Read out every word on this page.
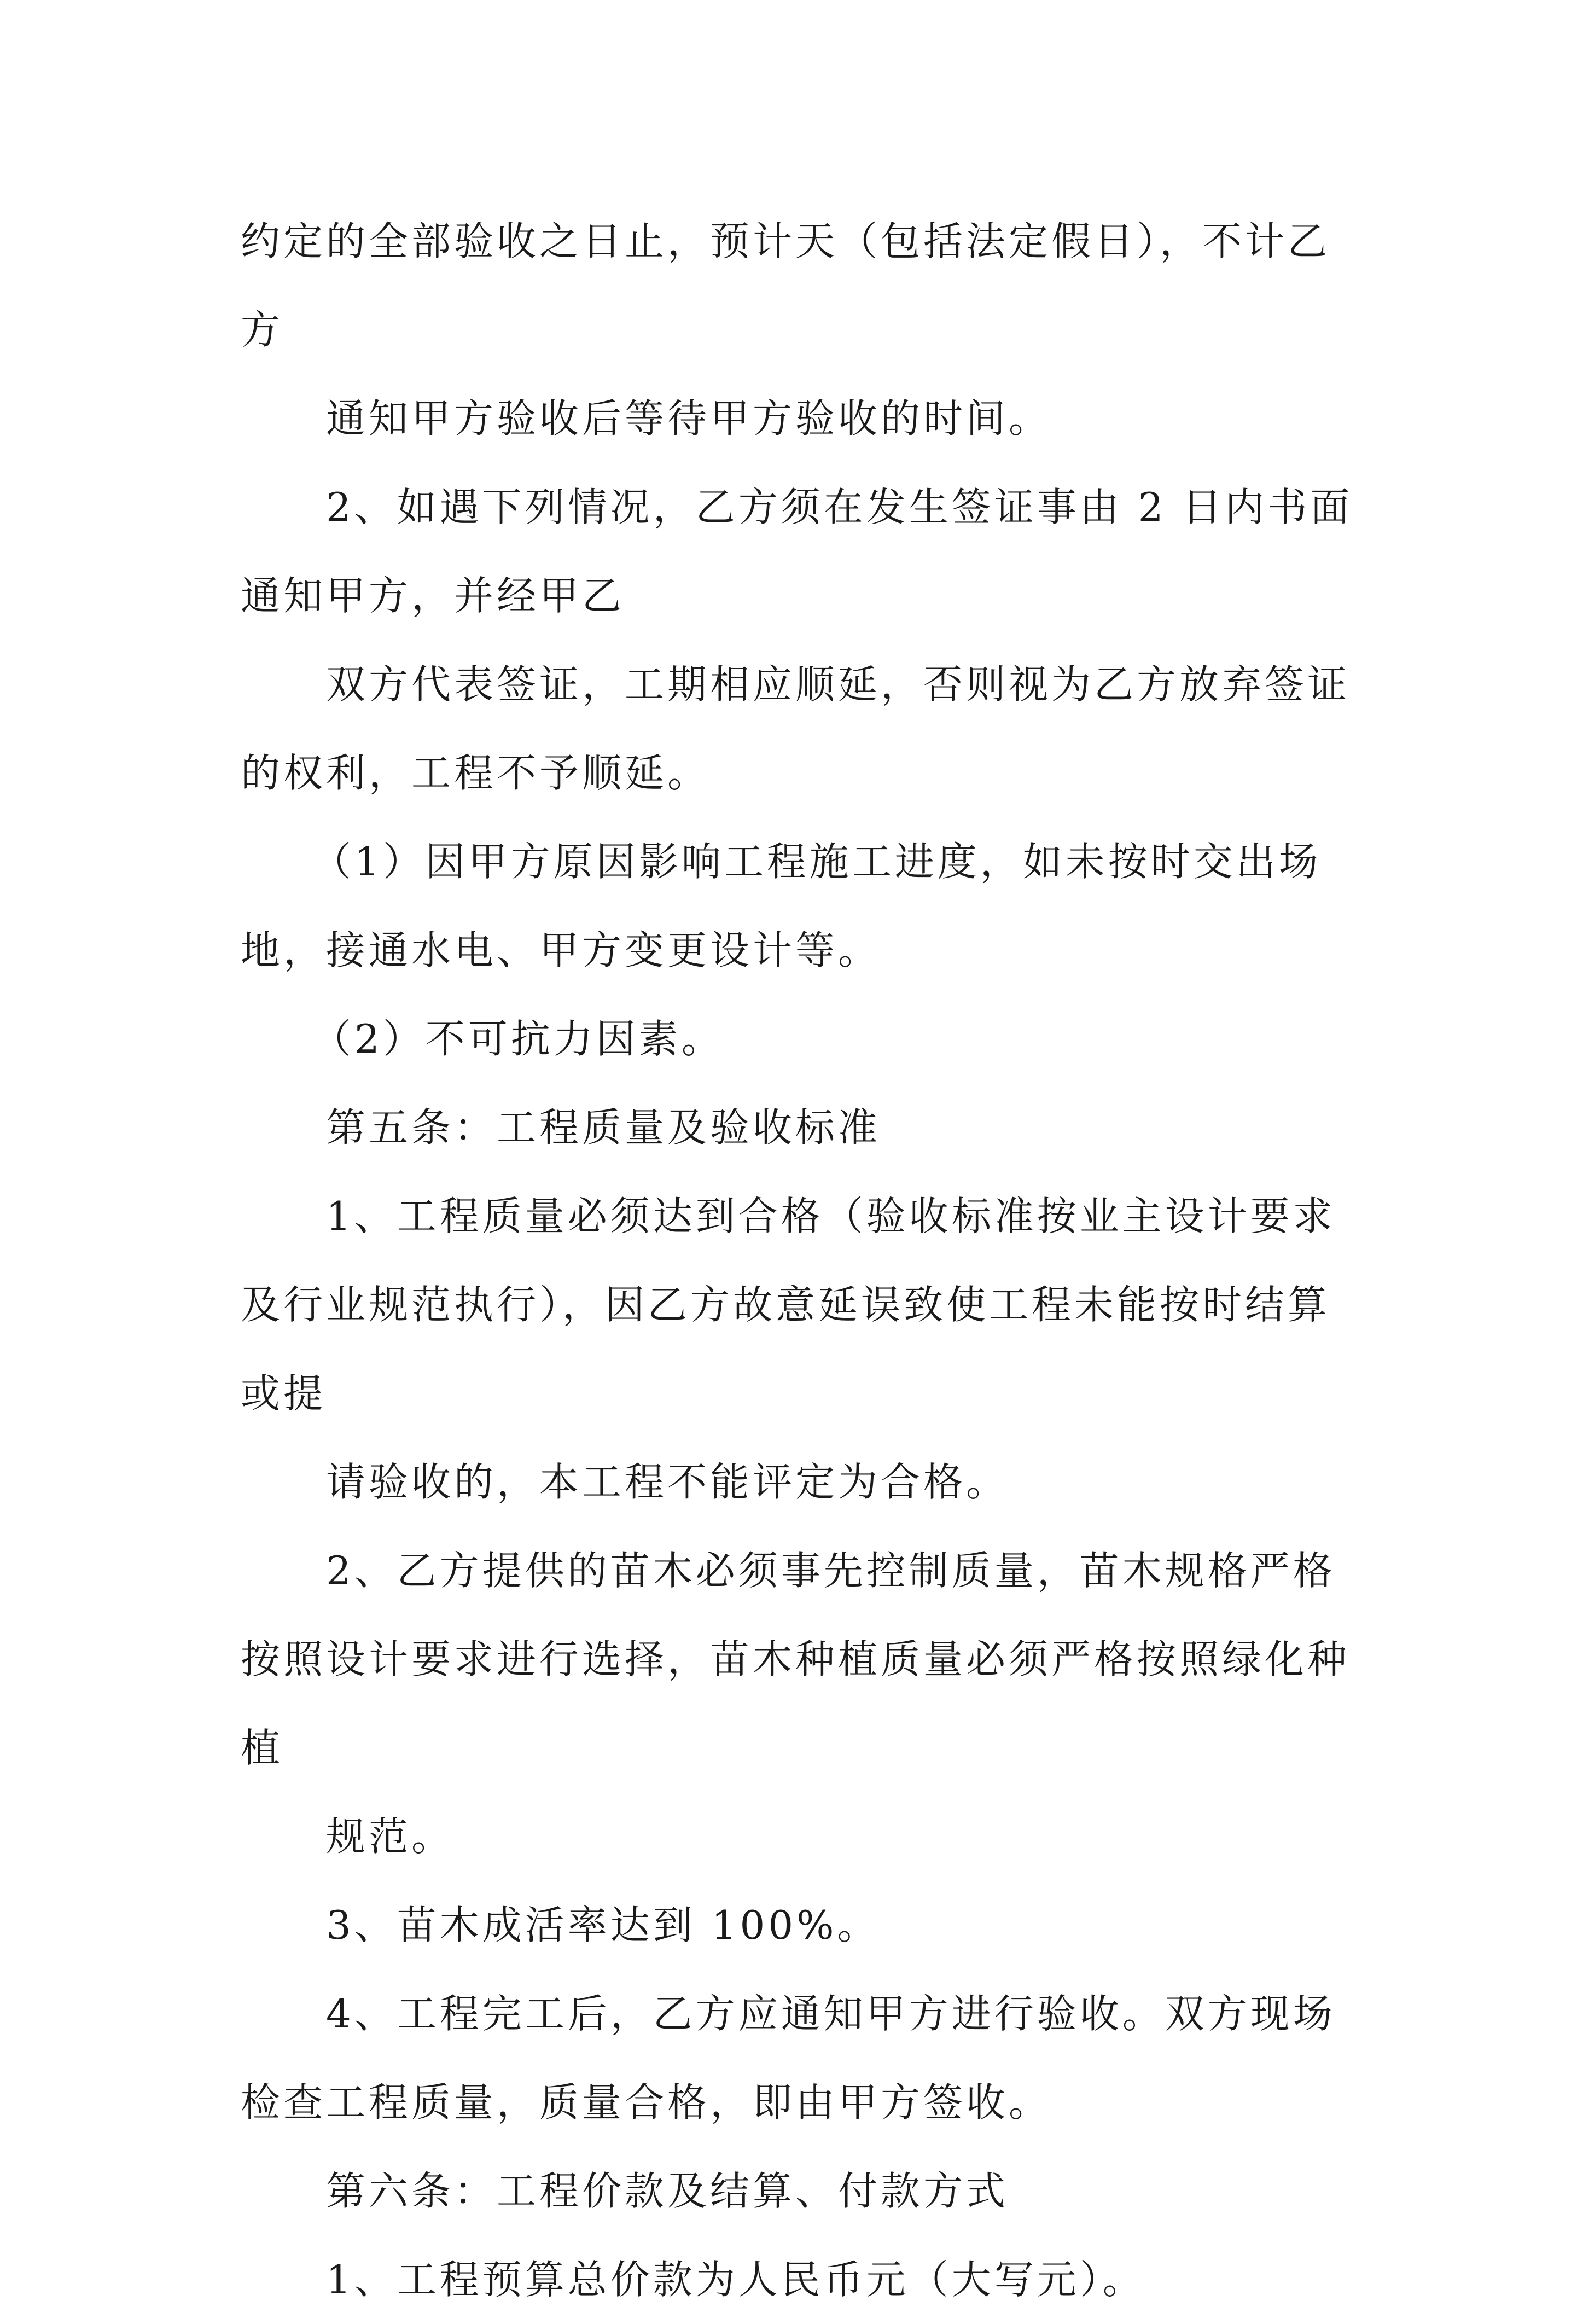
约定的全部验收之日止，预计天（包括法定假日），不计乙
方

通知甲方验收后等待甲方验收的时间。

2、如遇下列情况，乙方须在发生签证事由 2 日内书面
通知甲方，并经甲乙

双方代表签证，工期相应顺延，否则视为乙方放弃签证
的权利，工程不予顺延。

（1）因甲方原因影响工程施工进度，如未按时交出场
地，接通水电、甲方变更设计等。

（2）不可抗力因素。

第五条：工程质量及验收标准

1、工程质量必须达到合格（验收标准按业主设计要求
及行业规范执行），因乙方故意延误致使工程未能按时结算
或提

请验收的，本工程不能评定为合格。

2、乙方提供的苗木必须事先控制质量，苗木规格严格
按照设计要求进行选择，苗木种植质量必须严格按照绿化种
植

规范。

3、苗木成活率达到 100%。

4、工程完工后，乙方应通知甲方进行验收。双方现场
检查工程质量，质量合格，即由甲方签收。

第六条：工程价款及结算、付款方式

1、工程预算总价款为人民币元（大写元）。
